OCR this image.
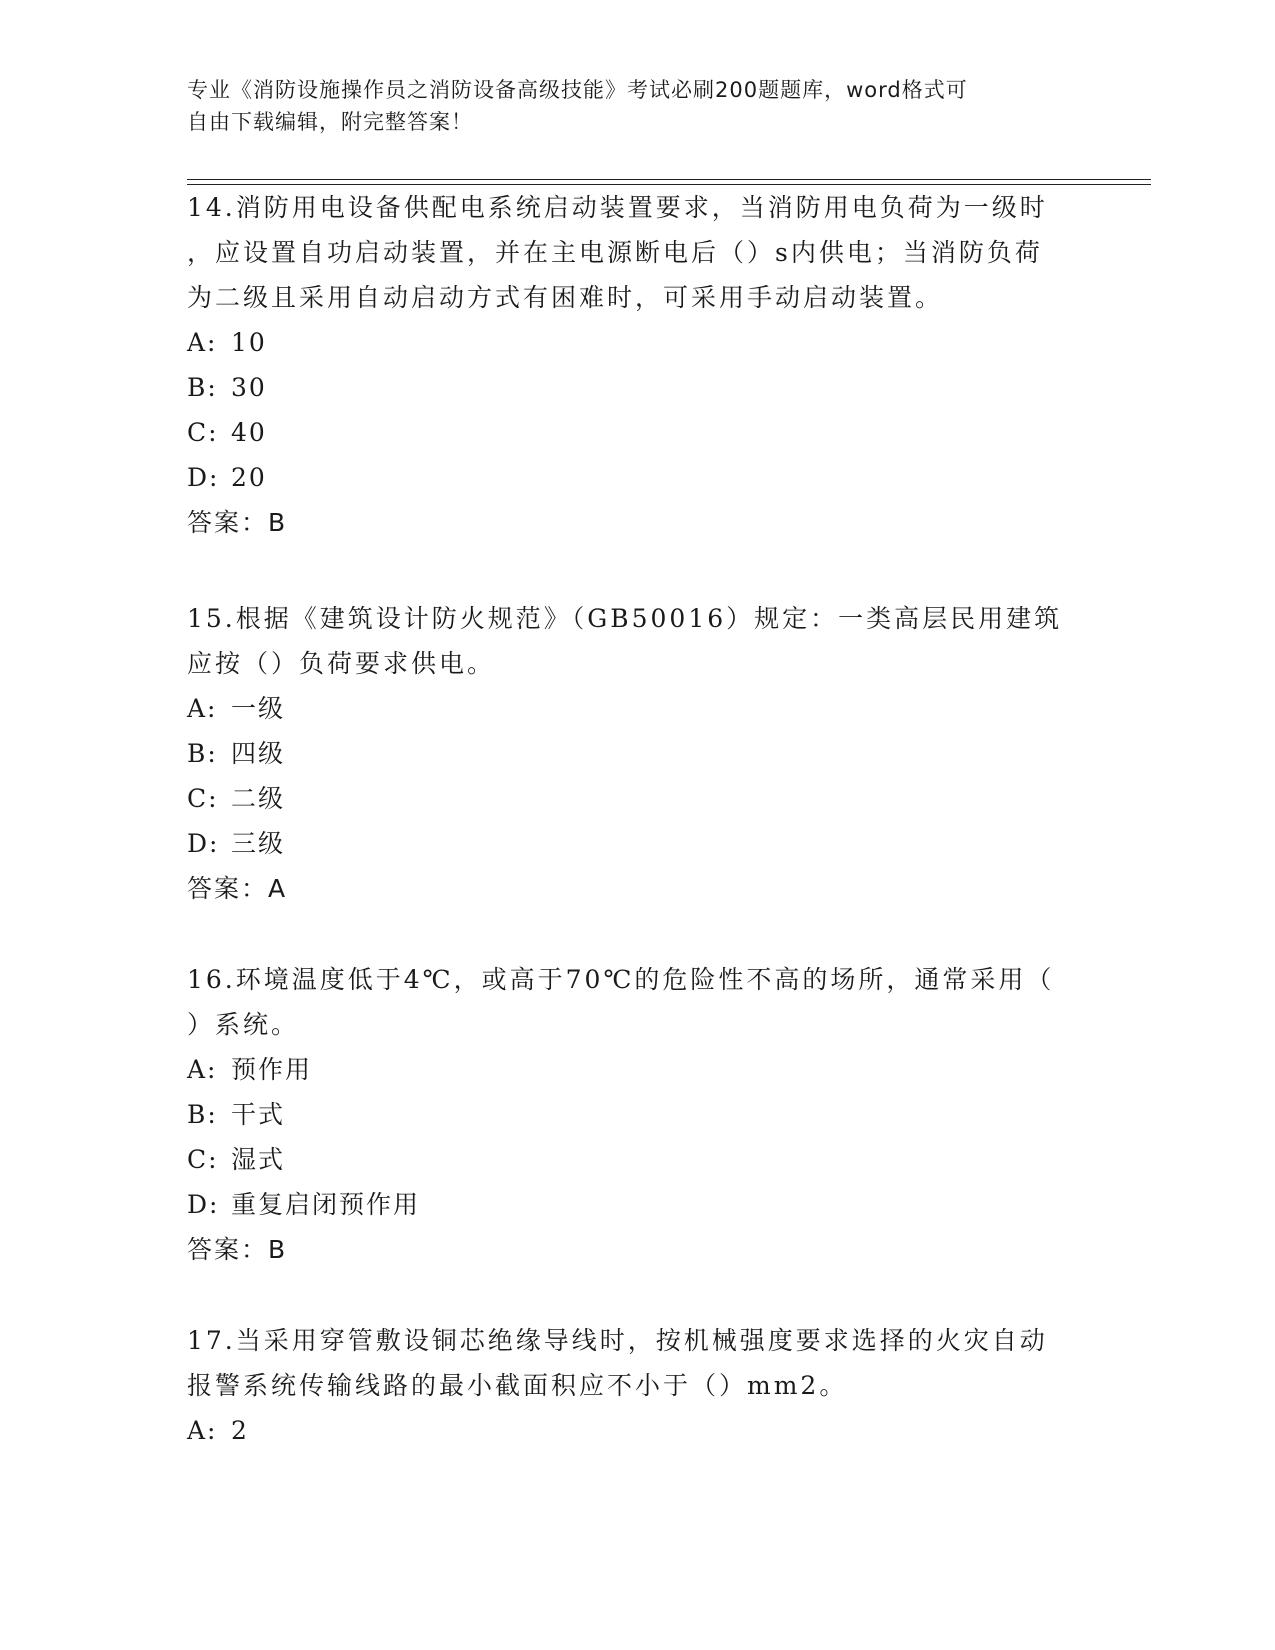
专业《消防设施操作员之消防设备高级技能》考试必刷200题题库，word格式可
自由下载编辑，附完整答案！

14.消防用电设备供配电系统启动装置要求，当消防用电负荷为一级时

，应设置自功启动装置，并在主电源断电后（）s内供电；当消防负荷

为二级且采用自动启动方式有困难时，可采用手动启动装置。

A: 10

B: 30

C: 40

D: 20

答案：B

15.根据《建筑设计防火规范》（GB50016）规定：一类高层民用建筑

应按（）负荷要求供电。

A: 一级

B: 四级

C: 二级

D: 三级

答案：A

16.环境温度低于4℃，或高于70℃的危险性不高的场所，通常采用（

）系统。

A: 预作用

B: 干式

C: 湿式

D: 重复启闭预作用

答案：B

17.当采用穿管敷设铜芯绝缘导线时，按机械强度要求选择的火灾自动

报警系统传输线路的最小截面积应不小于（）mm2。

A: 2
